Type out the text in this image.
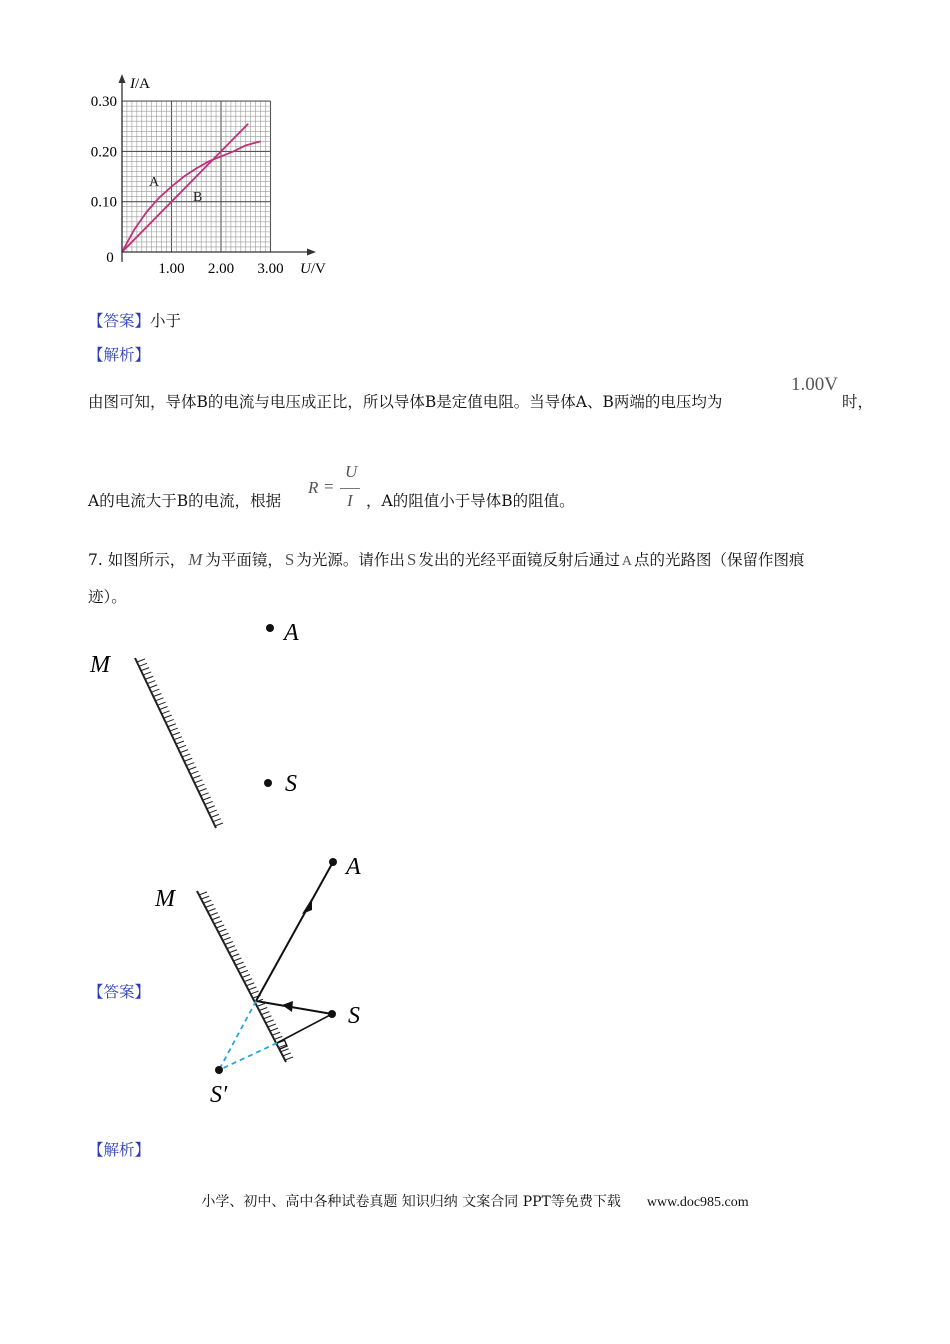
I/A
U/V
0
1.00 2.00 3.00
0.10
0.20
0.30
A
B
【答案】小于
【解析】
由图可知，导体B的电流与电压成正比，所以导体B是定值电阻。当导体A、B两端的电压均为
1.00V
时，
A的电流大于B的电流，根据
R =
U
I ，A的阻值小于导体B的阻值。
7. 如图所示， M 为平面镜， S 为光源。请作出 S 发出的光经平面镜反射后通过 A 点的光路图（保留作图痕
迹）。
M
A
S
【答案】
M
A
S
S′
【解析】
小学、初中、高中各种试卷真题 知识归纳 文案合同 PPT等免费下载 www.doc985.com
